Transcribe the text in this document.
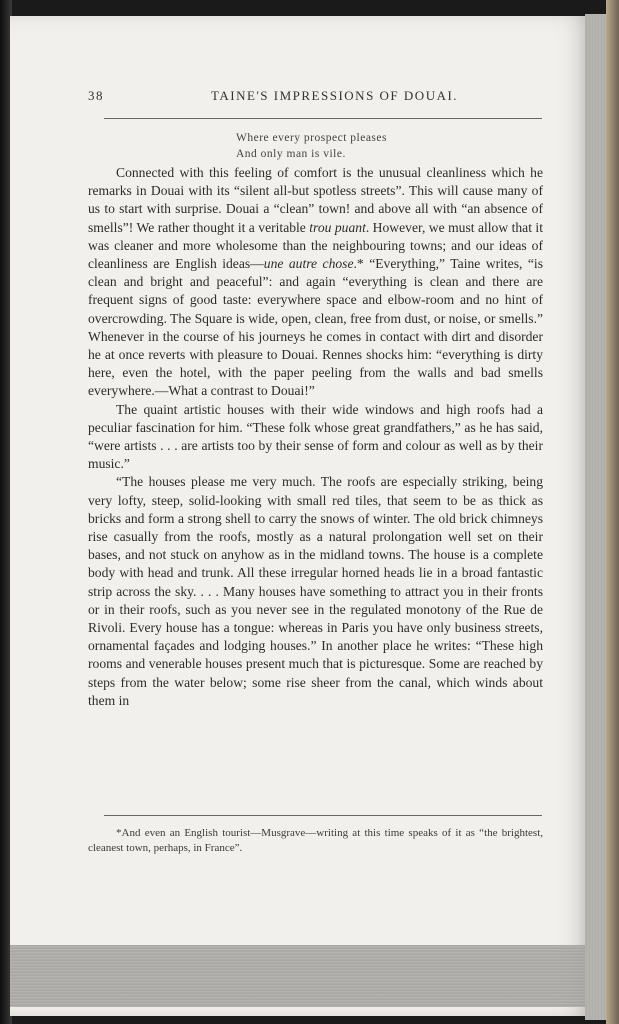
38	TAINE'S IMPRESSIONS OF DOUAI.
Where every prospect pleases
And only man is vile.

Connected with this feeling of comfort is the unusual cleanliness which he remarks in Douai with its “silent all-but spotless streets”. This will cause many of us to start with surprise. Douai a “clean” town! and above all with “an absence of smells”! We rather thought it a veritable trou puant. However, we must allow that it was cleaner and more wholesome than the neighbouring towns; and our ideas of cleanliness are English ideas—une autre chose.* “Everything,” Taine writes, “is clean and bright and peaceful”: and again “everything is clean and there are frequent signs of good taste: everywhere space and elbow-room and no hint of overcrowding. The Square is wide, open, clean, free from dust, or noise, or smells.” Whenever in the course of his journeys he comes in contact with dirt and disorder he at once reverts with pleasure to Douai. Rennes shocks him: “everything is dirty here, even the hotel, with the paper peeling from the walls and bad smells everywhere.—What a contrast to Douai!”

The quaint artistic houses with their wide windows and high roofs had a peculiar fascination for him. “These folk whose great grandfathers,” as he has said, “were artists . . . are artists too by their sense of form and colour as well as by their music.”

“The houses please me very much. The roofs are especially striking, being very lofty, steep, solid-looking with small red tiles, that seem to be as thick as bricks and form a strong shell to carry the snows of winter. The old brick chimneys rise casually from the roofs, mostly as a natural prolongation well set on their bases, and not stuck on anyhow as in the midland towns. The house is a complete body with head and trunk. All these irregular horned heads lie in a broad fantastic strip across the sky. . . . Many houses have something to attract you in their fronts or in their roofs, such as you never see in the regulated monotony of the Rue de Rivoli. Every house has a tongue: whereas in Paris you have only business streets, ornamental façades and lodging houses.” In another place he writes: “These high rooms and venerable houses present much that is picturesque. Some are reached by steps from the water below; some rise sheer from the canal, which winds about them in

*And even an English tourist—Musgrave—writing at this time speaks of it as “the brightest, cleanest town, perhaps, in France”.
